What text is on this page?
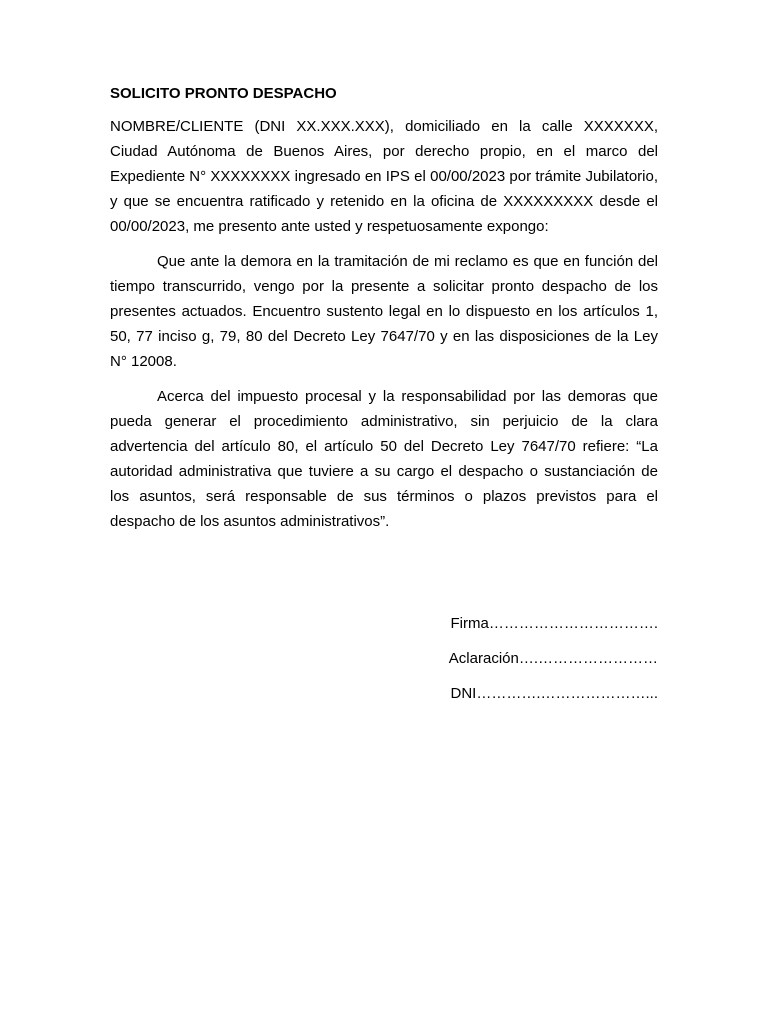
SOLICITO PRONTO DESPACHO

NOMBRE/CLIENTE (DNI XX.XXX.XXX), domiciliado en la calle XXXXXXX, Ciudad Autónoma de Buenos Aires, por derecho propio, en el marco del Expediente N° XXXXXXXX ingresado en IPS el 00/00/2023 por trámite Jubilatorio, y que se encuentra ratificado y retenido en la oficina de XXXXXXXXX desde el 00/00/2023, me presento ante usted y respetuosamente expongo:

Que ante la demora en la tramitación de mi reclamo es que en función del tiempo transcurrido, vengo por la presente a solicitar pronto despacho de los presentes actuados. Encuentro sustento legal en lo dispuesto en los artículos 1, 50, 77 inciso g, 79, 80 del Decreto Ley 7647/70 y en las disposiciones de la Ley N° 12008.

Acerca del impuesto procesal y la responsabilidad por las demoras que pueda generar el procedimiento administrativo, sin perjuicio de la clara advertencia del artículo 80, el artículo 50 del Decreto Ley 7647/70 refiere: “La autoridad administrativa que tuviere a su cargo el despacho o sustanciación de los asuntos, será responsable de sus términos o plazos previstos para el despacho de los asuntos administrativos”.

Firma…………………………….

Aclaración….……………………

DNI………….…………………...
